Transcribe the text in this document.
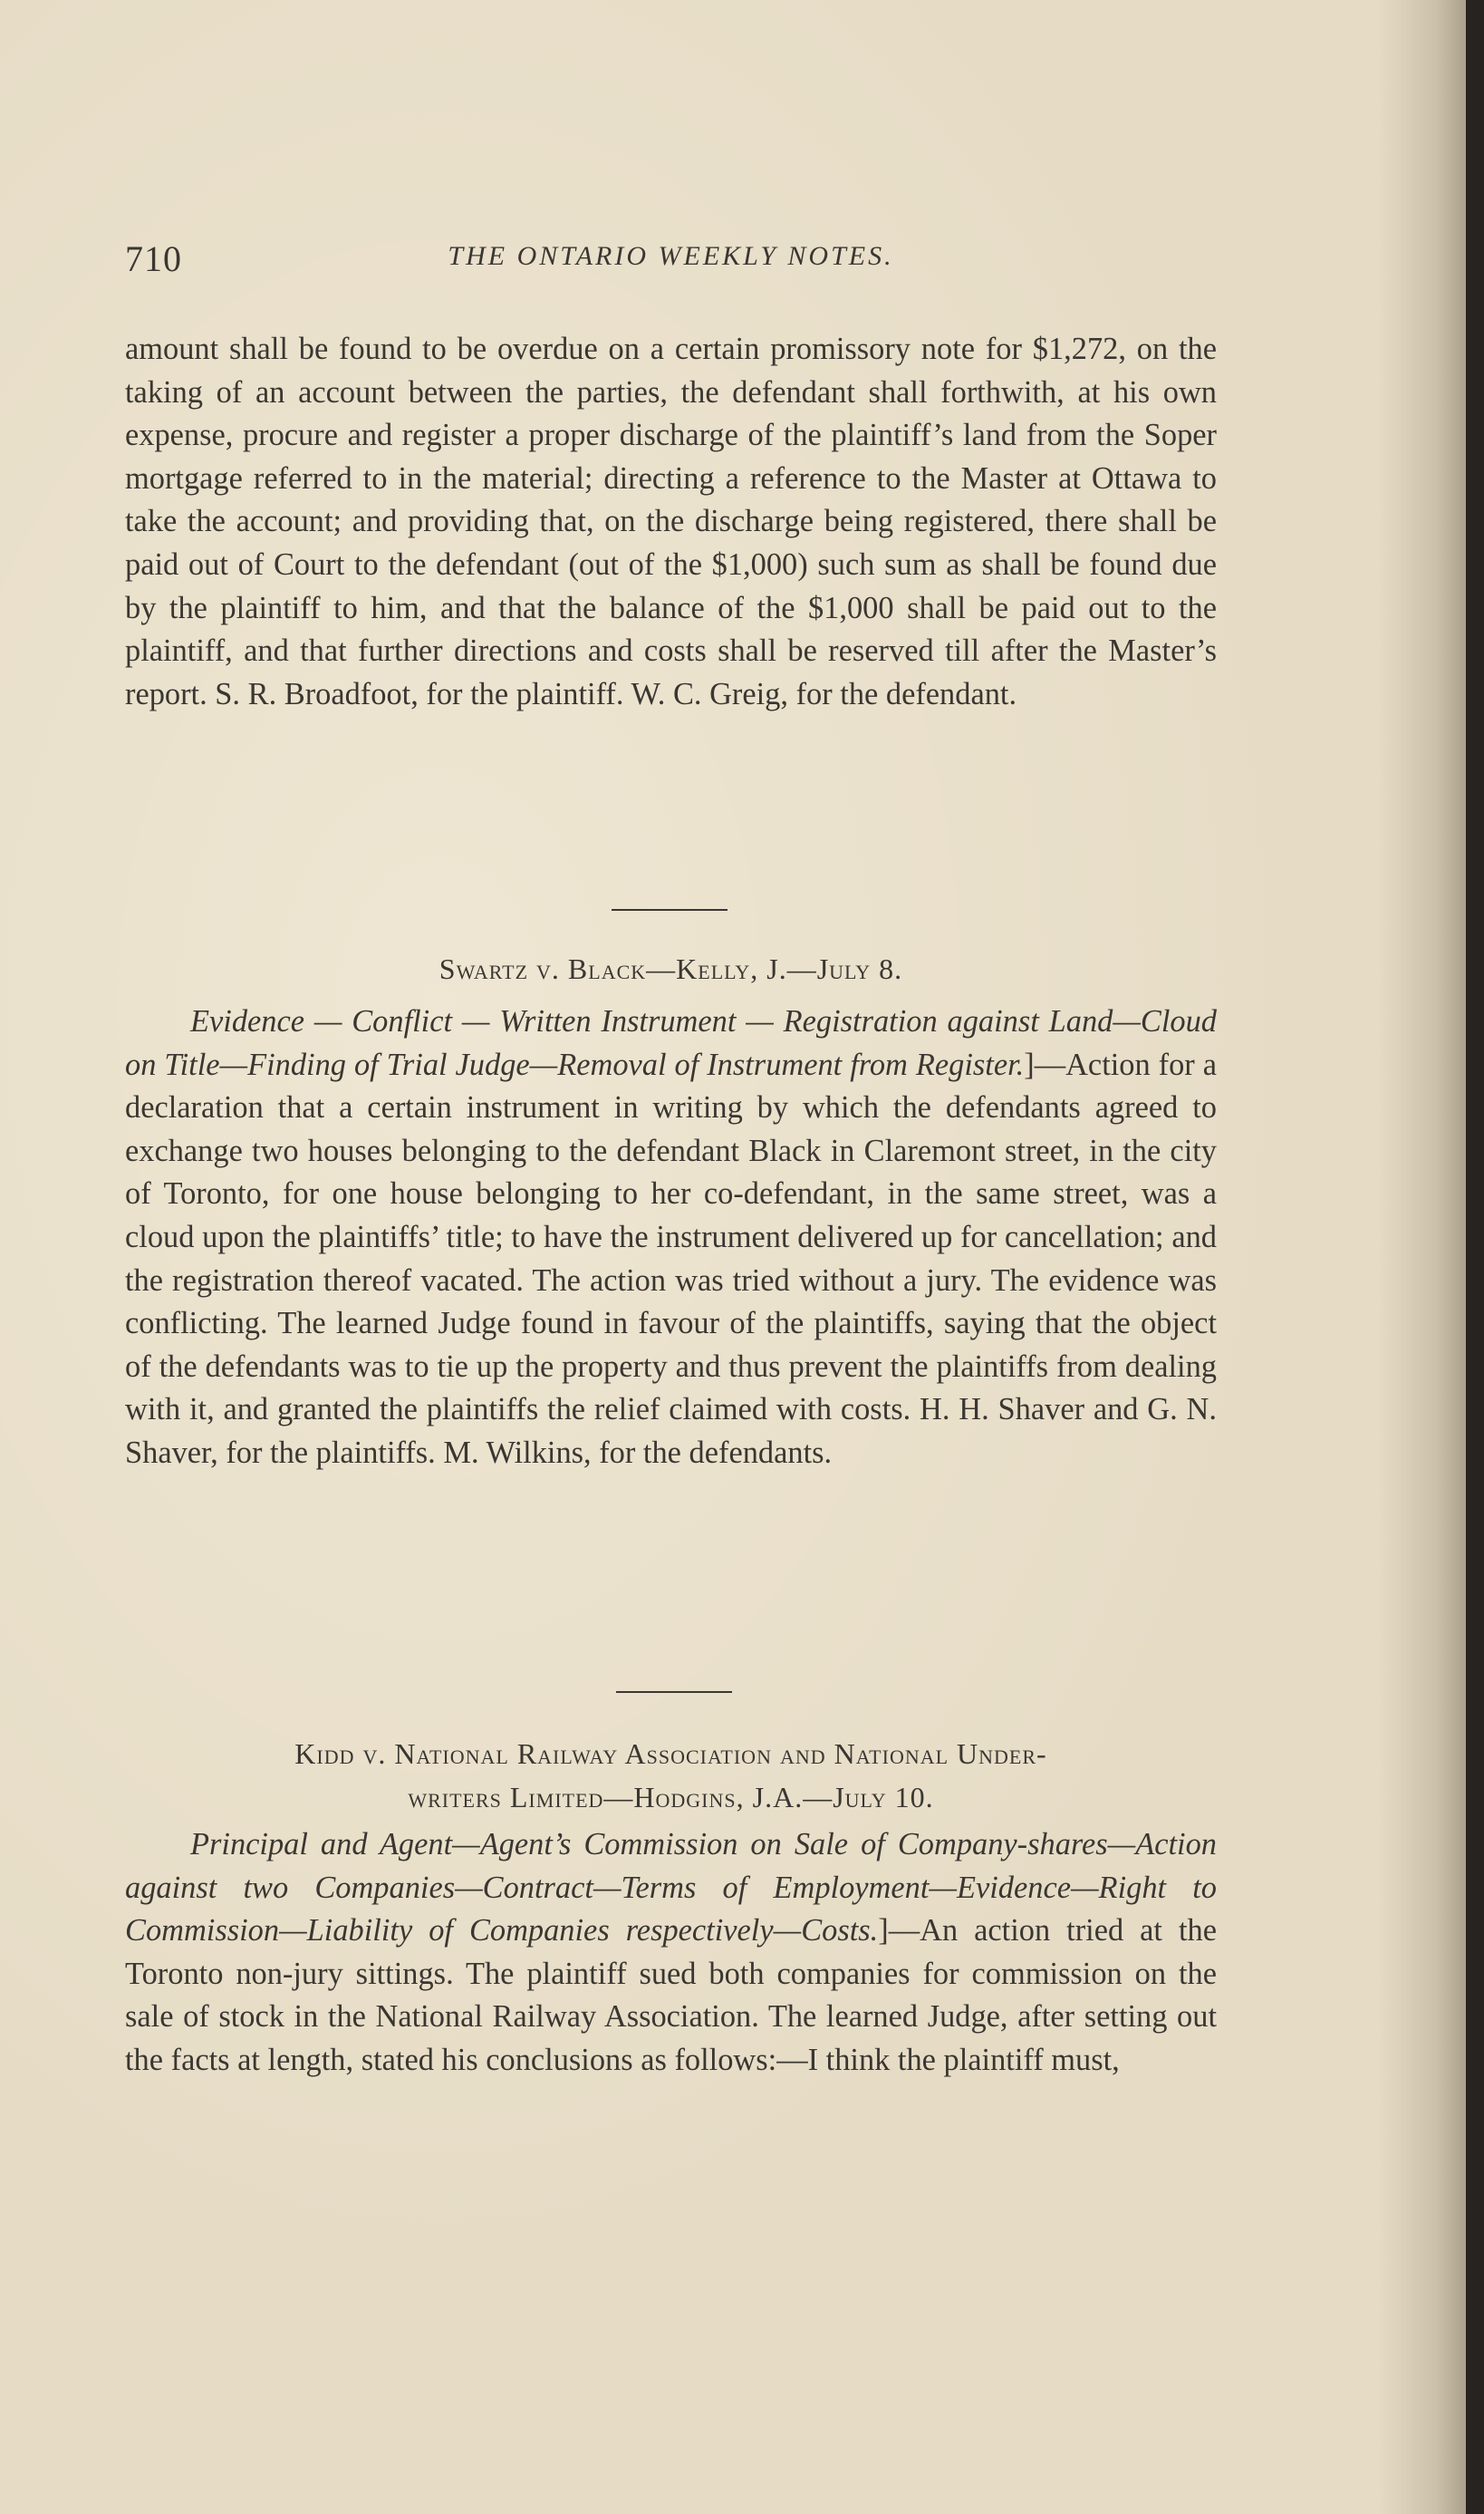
710	THE ONTARIO WEEKLY NOTES.

amount shall be found to be overdue on a certain promissory note for $1,272, on the taking of an account between the parties, the defendant shall forthwith, at his own expense, procure and register a proper discharge of the plaintiff’s land from the Soper mortgage referred to in the material; directing a reference to the Master at Ottawa to take the account; and providing that, on the discharge being registered, there shall be paid out of Court to the defendant (out of the $1,000) such sum as shall be found due by the plaintiff to him, and that the balance of the $1,000 shall be paid out to the plaintiff, and that further directions and costs shall be reserved till after the Master’s report. S. R. Broadfoot, for the plaintiff. W. C. Greig, for the defendant.

Swartz v. Black—Kelly, J.—July 8.

Evidence — Conflict — Written Instrument — Registration against Land—Cloud on Title—Finding of Trial Judge—Removal of Instrument from Register.]—Action for a declaration that a certain instrument in writing by which the defendants agreed to exchange two houses belonging to the defendant Black in Claremont street, in the city of Toronto, for one house belonging to her co-defendant, in the same street, was a cloud upon the plaintiffs’ title; to have the instrument delivered up for cancellation; and the registration thereof vacated. The action was tried without a jury. The evidence was conflicting. The learned Judge found in favour of the plaintiffs, saying that the object of the defendants was to tie up the property and thus prevent the plaintiffs from dealing with it, and granted the plaintiffs the relief claimed with costs. H. H. Shaver and G. N. Shaver, for the plaintiffs. M. Wilkins, for the defendants.

Kidd v. National Railway Association and National Under-
writers Limited—Hodgins, J.A.—July 10.

Principal and Agent—Agent’s Commission on Sale of Company-shares—Action against two Companies—Contract—Terms of Employment—Evidence—Right to Commission—Liability of Companies respectively—Costs.]—An action tried at the Toronto non-jury sittings. The plaintiff sued both companies for commission on the sale of stock in the National Railway Association. The learned Judge, after setting out the facts at length, stated his conclusions as follows:—I think the plaintiff must,
